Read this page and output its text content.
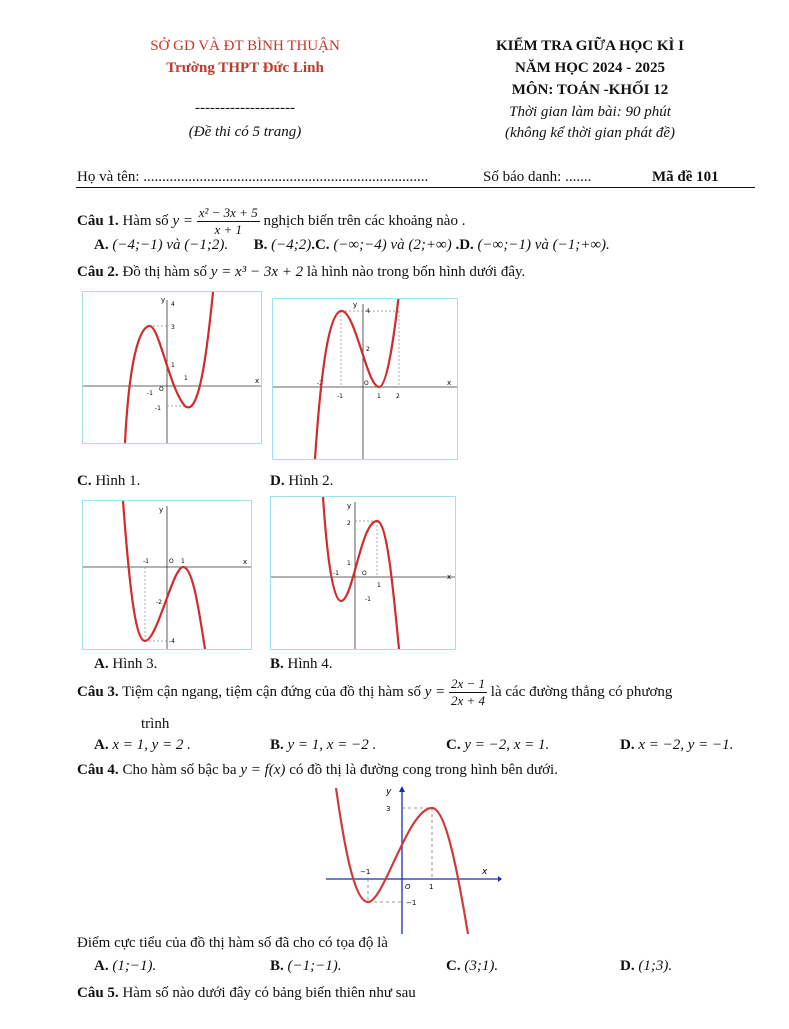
SỞ GD VÀ ĐT BÌNH THUẬN
Trường THPT Đức Linh
--------------------
(Đề thi có 5 trang)
KIỂM TRA GIỮA HỌC KÌ I
NĂM HỌC 2024 - 2025
MÔN: TOÁN -KHỐI 12
Thời gian làm bài: 90 phút
(không kể thời gian phát đề)
Họ và tên: ............................................................................	Số báo danh: .......	Mã đề 101
Câu 1. Hàm số $y = \frac{\text{x² − 3x + 5}}{x + 1}$ nghịch biến trên các khoảng nào .
A. (−4;−1) và (−1;2). B. (−4;2).C. (−∞;−4) và (2;+∞) .D. (−∞;−1) và (−1;+∞).
Câu 2. Đồ thị hàm số y = x³ − 3x + 2 là hình nào trong bốn hình dưới đây.
y
x
4
3
1
-1
-1
1
O
y
x
4
2
-2
-1	1	2
O
C. Hình 1.	D. Hình 2.
y
x
-1	O 1
-2
-4
y
x
2
1
-1	O
1
-1
A. Hình 3.	B. Hình 4.
Câu 3. Tiệm cận ngang, tiệm cận đứng của đồ thị hàm số $y = \frac{2x - 1}{2x + 4}$ là các đường thẳng có phương
trình
A. x = 1, y = 2 .	B. y = 1, x = −2 .	C. y = −2, x = 1.	D. x = −2, y = −1.
Câu 4. Cho hàm số bậc ba y = f(x) có đồ thị là đường cong trong hình bên dưới.
y
x
3
−1
O	1
−1
Điểm cực tiểu của đồ thị hàm số đã cho có tọa độ là
A. (1;−1).	B. (−1;−1).	C. (3;1).	D. (1;3).
Câu 5. Hàm số nào dưới đây có bảng biến thiên như sau
